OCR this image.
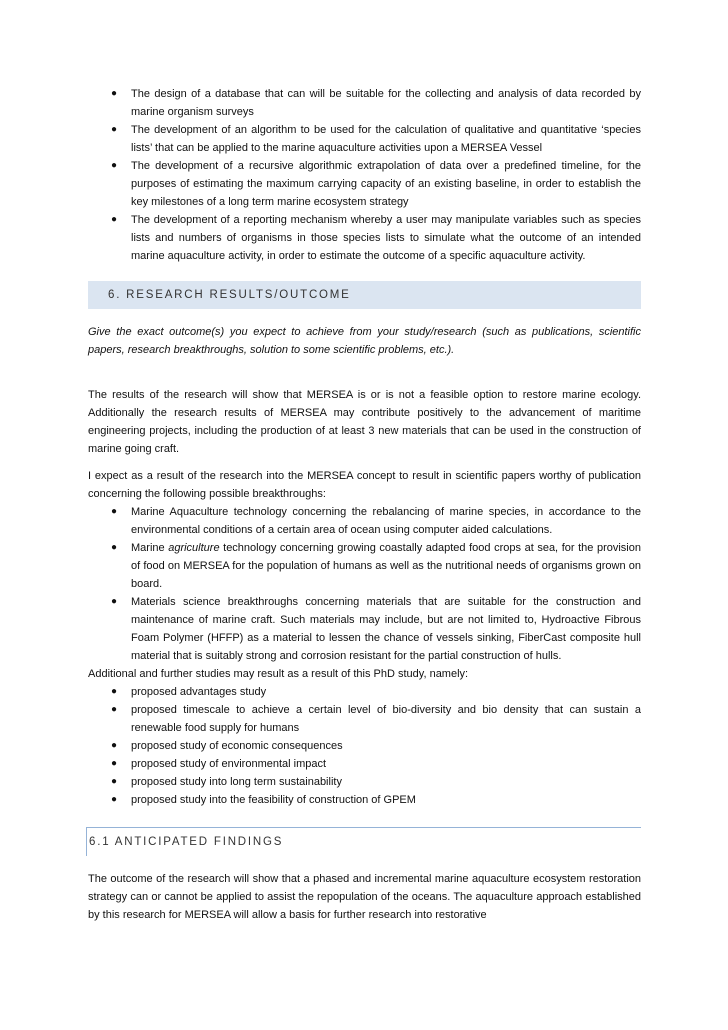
● The design of a database that can will be suitable for the collecting and analysis of data recorded by marine organism surveys
● The development of an algorithm to be used for the calculation of qualitative and quantitative ‘species lists’ that can be applied to the marine aquaculture activities upon a MERSEA Vessel
● The development of a recursive algorithmic extrapolation of data over a predefined timeline, for the purposes of estimating the maximum carrying capacity of an existing baseline, in order to establish the key milestones of a long term marine ecosystem strategy
● The development of a reporting mechanism whereby a user may manipulate variables such as species lists and numbers of organisms in those species lists to simulate what the outcome of an intended marine aquaculture activity, in order to estimate the outcome of a specific aquaculture activity.
6. RESEARCH RESULTS/OUTCOME

Give the exact outcome(s) you expect to achieve from your study/research (such as publications, scientific papers, research breakthroughs, solution to some scientific problems, etc.).

The results of the research will show that MERSEA is or is not a feasible option to restore marine ecology. Additionally the research results of MERSEA may contribute positively to the advancement of maritime engineering projects, including the production of at least 3 new materials that can be used in the construction of marine going craft.

I expect as a result of the research into the MERSEA concept to result in scientific papers worthy of publication concerning the following possible breakthroughs:

● Marine Aquaculture technology concerning the rebalancing of marine species, in accordance to the environmental conditions of a certain area of ocean using computer aided calculations.
● Marine agriculture technology concerning growing coastally adapted food crops at sea, for the provision of food on MERSEA for the population of humans as well as the nutritional needs of organisms grown on board.
● Materials science breakthroughs concerning materials that are suitable for the construction and maintenance of marine craft. Such materials may include, but are not limited to, Hydroactive Fibrous Foam Polymer (HFFP) as a material to lessen the chance of vessels sinking, FiberCast composite hull material that is suitably strong and corrosion resistant for the partial construction of hulls.

Additional and further studies may result as a result of this PhD study, namely:

● proposed advantages study
● proposed timescale to achieve a certain level of bio-diversity and bio density that can sustain a renewable food supply for humans
● proposed study of economic consequences
● proposed study of environmental impact
● proposed study into long term sustainability
● proposed study into the feasibility of construction of GPEM
6.1 ANTICIPATED FINDINGS

The outcome of the research will show that a phased and incremental marine aquaculture ecosystem restoration strategy can or cannot be applied to assist the repopulation of the oceans. The aquaculture approach established by this research for MERSEA will allow a basis for further research into restorative
